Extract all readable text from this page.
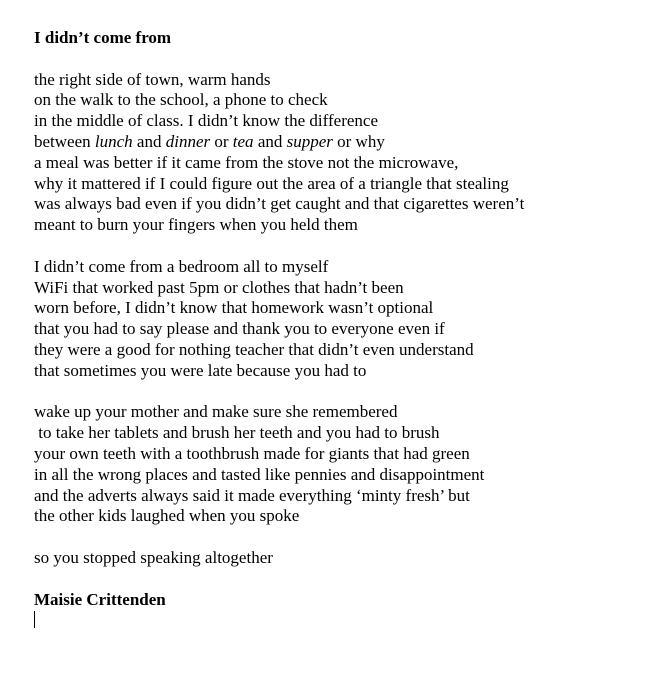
I didn’t come from
the right side of town, warm hands
on the walk to the school, a phone to check
in the middle of class. I didn’t know the difference
between lunch and dinner or tea and supper or why
a meal was better if it came from the stove not the microwave,
why it mattered if I could figure out the area of a triangle that stealing
was always bad even if you didn’t get caught and that cigarettes weren’t
meant to burn your fingers when you held them
I didn’t come from a bedroom all to myself
WiFi that worked past 5pm or clothes that hadn’t been
worn before, I didn’t know that homework wasn’t optional
that you had to say please and thank you to everyone even if
they were a good for nothing teacher that didn’t even understand
that sometimes you were late because you had to
wake up your mother and make sure she remembered
to take her tablets and brush her teeth and you had to brush
your own teeth with a toothbrush made for giants that had green
in all the wrong places and tasted like pennies and disappointment
and the adverts always said it made everything ‘minty fresh’ but
the other kids laughed when you spoke
so you stopped speaking altogether
Maisie Crittenden
